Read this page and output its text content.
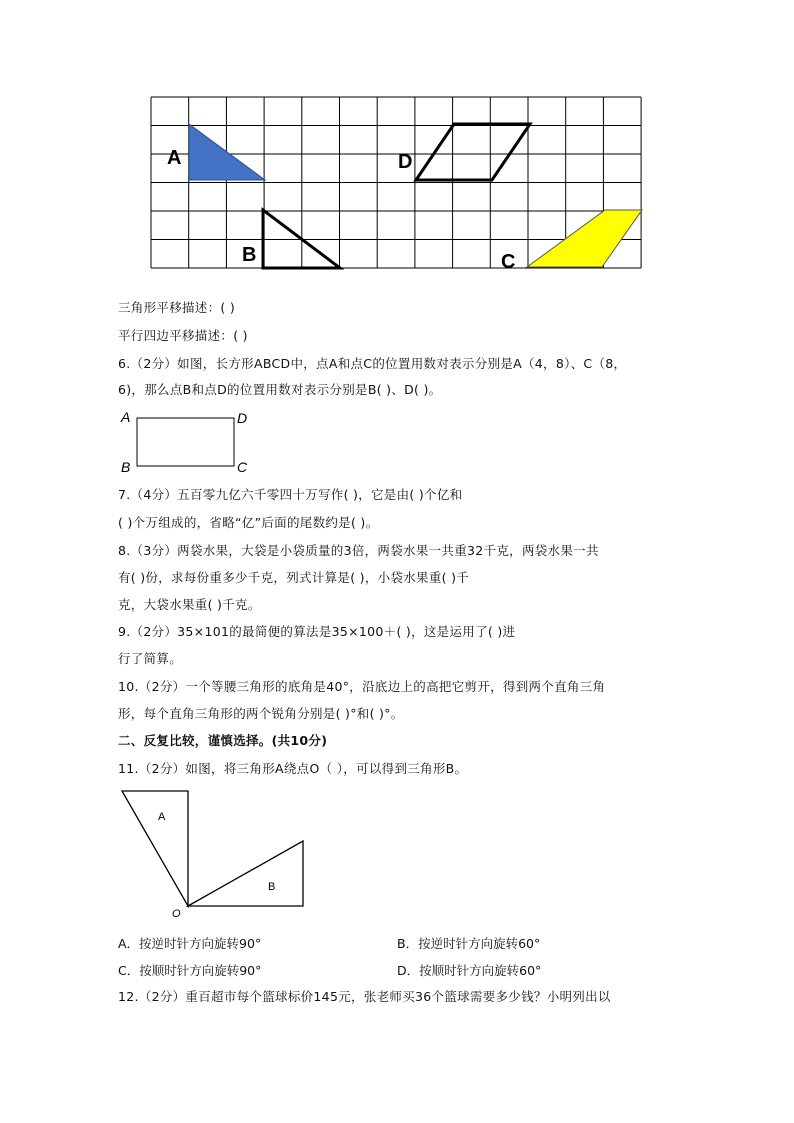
A
B	C
D
三角形平移描述：( )
平行四边平移描述：( )
6.（2分）如图，长方形ABCD中，点A和点C的位置用数对表示分别是A（4，8）、C（8，
6)，那么点B和点D的位置用数对表示分别是B( )、D( )。
A
B	C
D
7.（4分）五百零九亿六千零四十万写作( )，它是由( )个亿和
( )个万组成的，省略“亿”后面的尾数约是( )。
8.（3分）两袋水果，大袋是小袋质量的3倍，两袋水果一共重32千克，两袋水果一共
有( )份，求每份重多少千克，列式计算是( )，小袋水果重( )千
克，大袋水果重( )千克。
9.（2分）35×101的最简便的算法是35×100＋( )，这是运用了( )进
行了简算。
10.（2分）一个等腰三角形的底角是40°，沿底边上的高把它剪开，得到两个直角三角
形，每个直角三角形的两个锐角分别是( )°和( )°。
二、反复比较，谨慎选择。(共10分)
11.（2分）如图，将三角形A绕点O（ ），可以得到三角形B。
A
B
O
A．按逆时针方向旋转90°	B．按逆时针方向旋转60°
C．按顺时针方向旋转90°	D．按顺时针方向旋转60°
12.（2分）重百超市每个篮球标价145元，张老师买36个篮球需要多少钱？小明列出以
